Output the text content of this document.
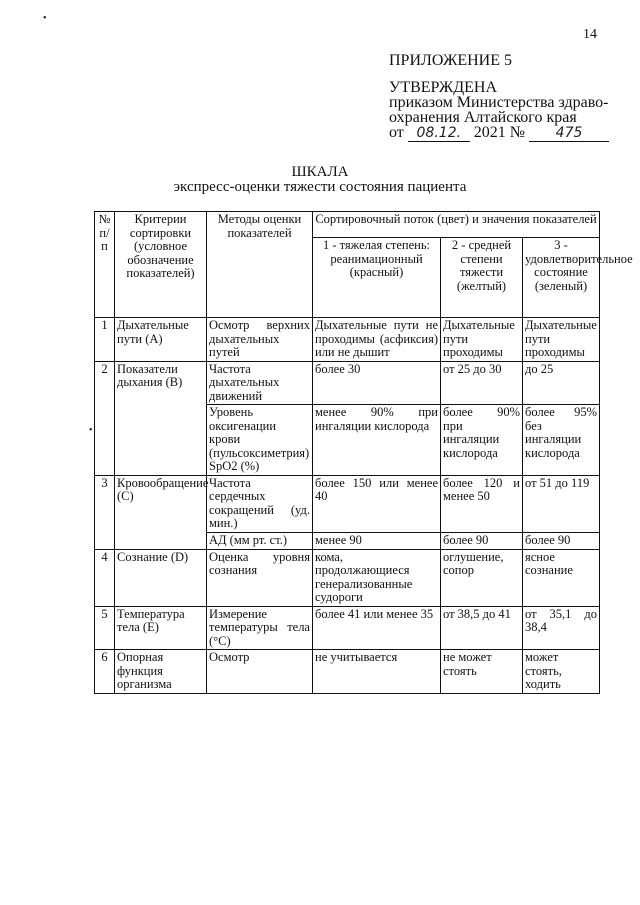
•
•
14
ПРИЛОЖЕНИЕ 5
УТВЕРЖДЕНА
приказом Министерства здраво-
охранения Алтайского края
от 08.12. 2021 № 475
ШКАЛА
экспресс-оценки тяжести состояния пациента
№ п/п	Критерии сортировки (условное обозначение показателей)	Методы оценки показателей	Сортировочный поток (цвет) и значения показателей		
			1 - тяжелая степень: реанимационный (красный)	2 - средней степени тяжести (желтый)	3 - удовлетворительное состояние (зеленый)
1	Дыхательные пути (A)	Осмотр верхних дыхательных путей	Дыхательные пути не проходимы (асфиксия) или не дышит	Дыхательные пути проходимы	Дыхательные пути проходимы
2	Показатели дыхания (B)	Частота дыхательных движений	более 30	от 25 до 30	до 25
		Уровень оксигенации крови (пульсоксиметрия) SpO2 (%)	менее 90% при ингаляции кислорода	более 90% при ингаляции кислорода	более 95% без ингаляции кислорода
3	Кровообращение (C)	Частота сердечных сокращений (уд. мин.)	более 150 или менее 40	более 120 и менее 50	от 51 до 119
		АД (мм рт. ст.)	менее 90	более 90	более 90
4	Сознание (D)	Оценка уровня сознания	кома, продолжающиеся генерализованные судороги	оглушение, сопор	ясное сознание
5	Температура тела (E)	Измерение температуры тела (°C)	более 41 или менее 35	от 38,5 до 41	от 35,1 до 38,4
6	Опорная функция организма	Осмотр	не учитывается	не может стоять	может стоять, ходить
